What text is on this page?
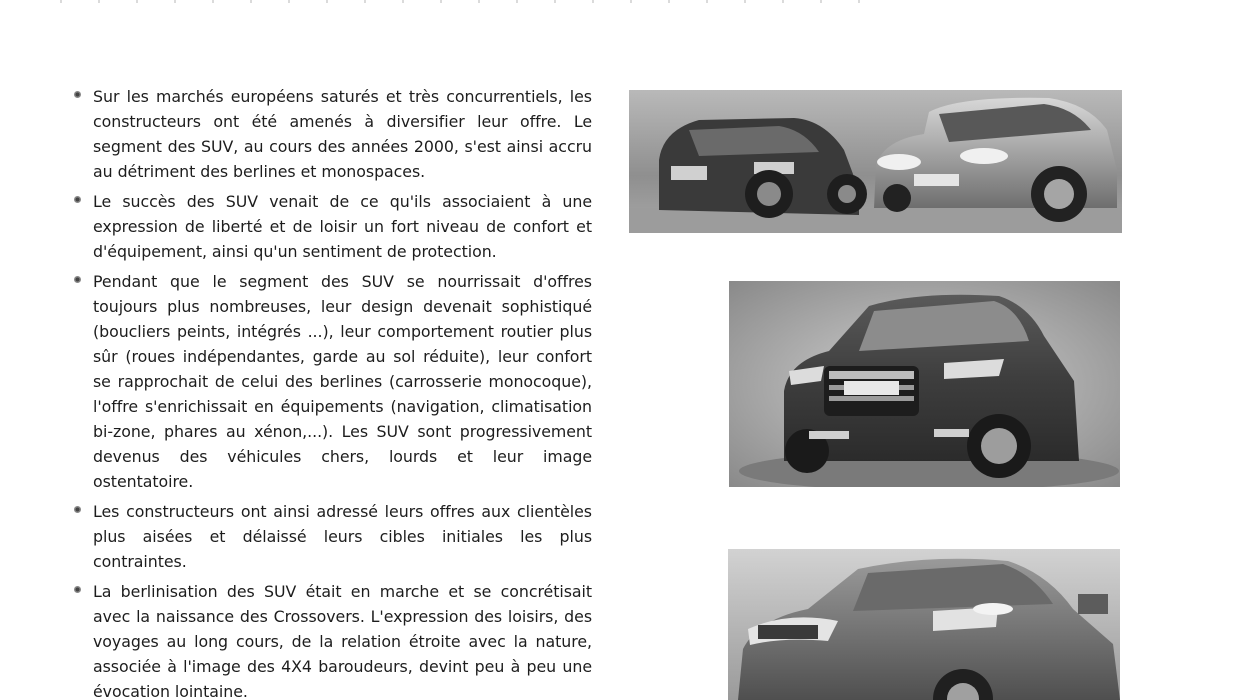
Sur les marchés européens saturés et très concurrentiels, les constructeurs ont été amenés à diversifier leur offre. Le segment des SUV, au cours des années 2000, s'est ainsi accru au détriment des berlines et monospaces.
Le succès des SUV venait de ce qu'ils associaient à une expression de liberté et de loisir un fort niveau de confort et d'équipement, ainsi qu'un sentiment de protection.
Pendant que le segment des SUV se nourrissait d'offres toujours plus nombreuses, leur design devenait sophistiqué (boucliers peints, intégrés ...), leur comportement routier plus sûr (roues indépendantes, garde au sol réduite), leur confort se rapprochait de celui des berlines (carrosserie monocoque), l'offre s'enrichissait en équipements (navigation, climatisation bi-zone, phares au xénon,...). Les SUV sont progressivement devenus des véhicules chers, lourds et leur image ostentatoire.
Les constructeurs ont ainsi adressé leurs offres aux clientèles plus aisées et délaissé leurs cibles initiales les plus contraintes.
La berlinisation des SUV était en marche et se concrétisait avec la naissance des Crossovers. L'expression des loisirs, des voyages au long cours, de la relation étroite avec la nature, associée à l'image des 4X4 baroudeurs, devint peu à peu une évocation lointaine.
